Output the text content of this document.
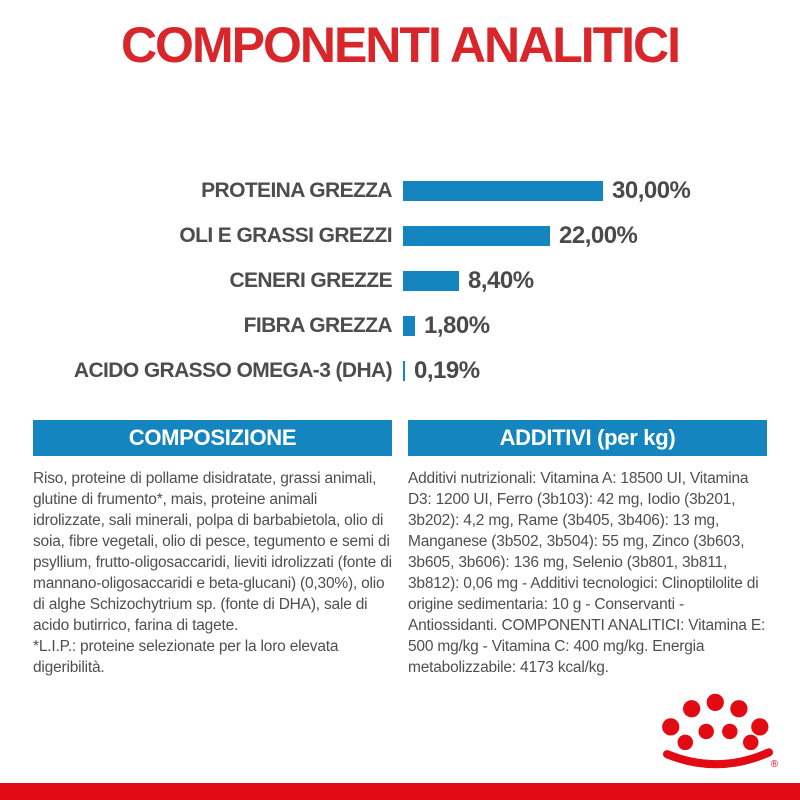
COMPONENTI ANALITICI
PROTEINA GREZZA	30,00%
OLI E GRASSI GREZZI	22,00%
CENERI GREZZE	8,40%
FIBRA GREZZA 1,80%
ACIDO GRASSO OMEGA-3 (DHA) 0,19%
COMPOSIZIONE
Riso, proteine di pollame disidratate, grassi animali, glutine di frumento*, mais, proteine animali idrolizzate, sali minerali, polpa di barbabietola, olio di soia, fibre vegetali, olio di pesce, tegumento e semi di psyllium, frutto-oligosaccaridi, lieviti idrolizzati (fonte di mannano-oligosaccaridi e beta-glucani) (0,30%), olio di alghe Schizochytrium sp. (fonte di DHA), sale di acido butirrico, farina di tagete.
*L.I.P.: proteine selezionate per la loro elevata digeribilità.
ADDITIVI (per kg)
Additivi nutrizionali: Vitamina A: 18500 UI, Vitamina D3: 1200 UI, Ferro (3b103): 42 mg, Iodio (3b201, 3b202): 4,2 mg, Rame (3b405, 3b406): 13 mg, Manganese (3b502, 3b504): 55 mg, Zinco (3b603, 3b605, 3b606): 136 mg, Selenio (3b801, 3b811, 3b812): 0,06 mg - Additivi tecnologici: Clinoptilolite di origine sedimentaria: 10 g - Conservanti - Antiossidanti. COMPONENTI ANALITICI: Vitamina E: 500 mg/kg - Vitamina C: 400 mg/kg. Energia metabolizzabile: 4173 kcal/kg.
®
